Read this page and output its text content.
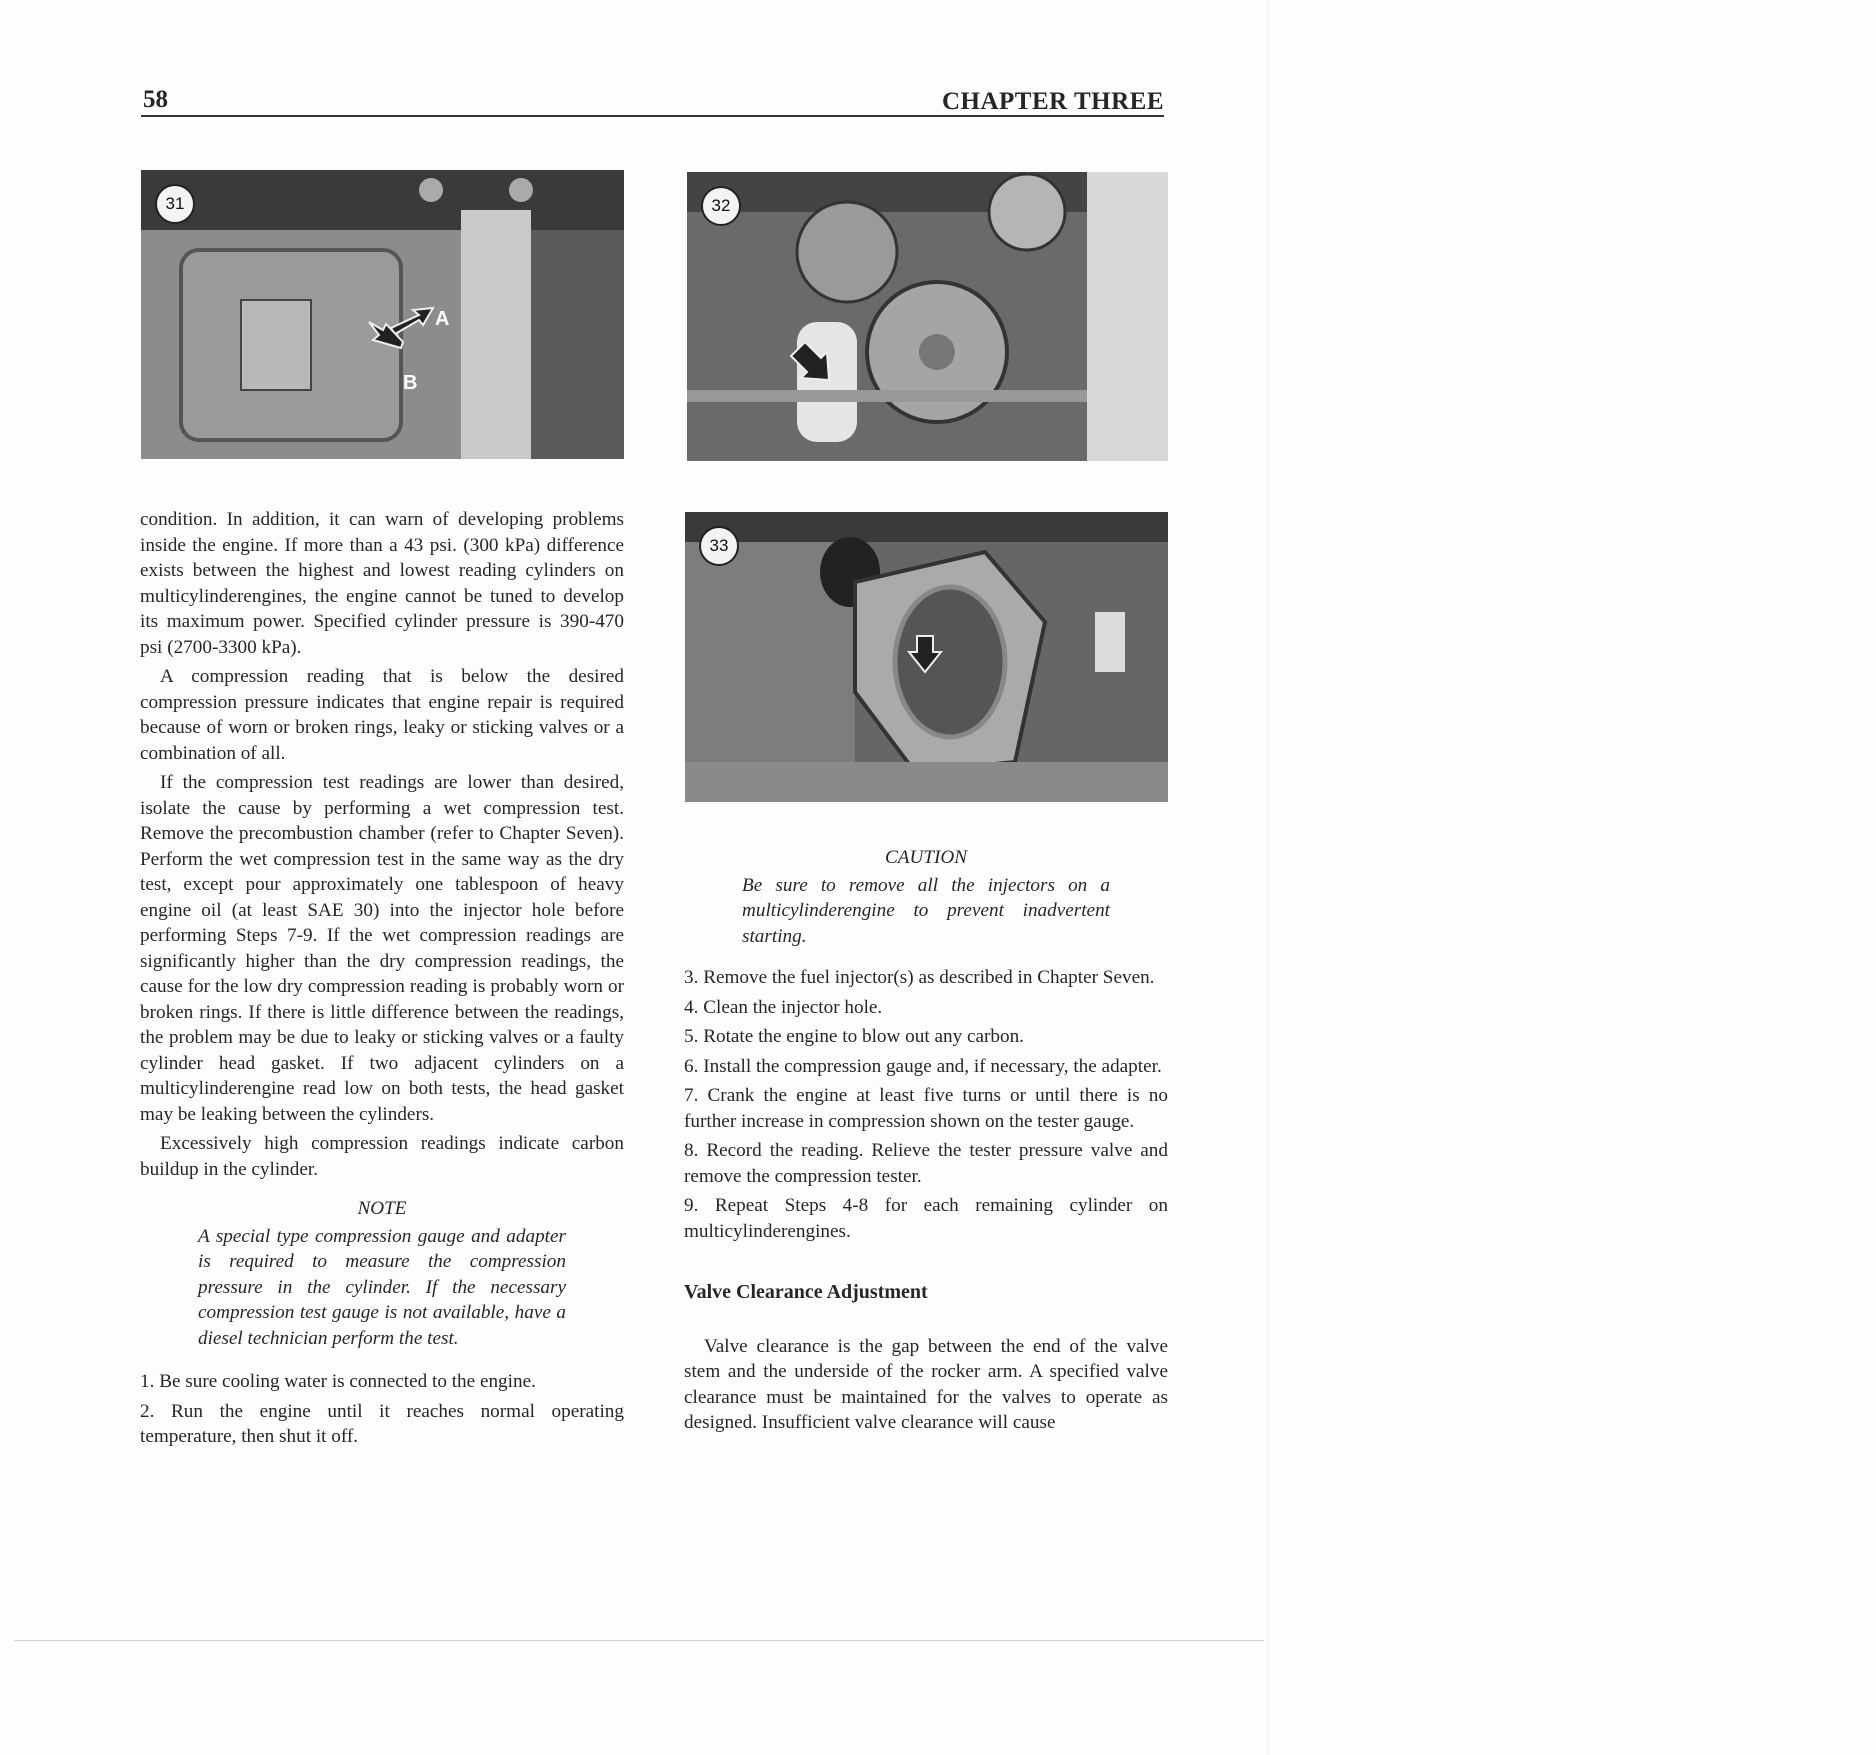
58	CHAPTER THREE
31
A
B
32
33

condition. In addition, it can warn of developing problems inside the engine. If more than a 43 psi. (300 kPa) difference exists between the highest and lowest reading cylinders on multicylinderengines, the engine cannot be tuned to develop its maximum power. Specified cylinder pressure is 390-470 psi (2700-3300 kPa).

A compression reading that is below the desired compression pressure indicates that engine repair is required because of worn or broken rings, leaky or sticking valves or a combination of all.

If the compression test readings are lower than desired, isolate the cause by performing a wet compression test. Remove the precombustion chamber (refer to Chapter Seven). Perform the wet compression test in the same way as the dry test, except pour approximately one tablespoon of heavy engine oil (at least SAE 30) into the injector hole before performing Steps 7-9. If the wet compression readings are significantly higher than the dry compression readings, the cause for the low dry compression reading is probably worn or broken rings. If there is little difference between the readings, the problem may be due to leaky or sticking valves or a faulty cylinder head gasket. If two adjacent cylinders on a multicylinderengine read low on both tests, the head gasket may be leaking between the cylinders.

Excessively high compression readings indicate carbon buildup in the cylinder.

NOTE
A special type compression gauge and adapter is required to measure the compression pressure in the cylinder. If the necessary compression test gauge is not available, have a diesel technician perform the test.

1. Be sure cooling water is connected to the engine.

2. Run the engine until it reaches normal operating temperature, then shut it off.

CAUTION
Be sure to remove all the injectors on a multicylinderengine to prevent inadvertent starting.

3. Remove the fuel injector(s) as described in Chapter Seven.

4. Clean the injector hole.

5. Rotate the engine to blow out any carbon.

6. Install the compression gauge and, if necessary, the adapter.

7. Crank the engine at least five turns or until there is no further increase in compression shown on the tester gauge.

8. Record the reading. Relieve the tester pressure valve and remove the compression tester.

9. Repeat Steps 4-8 for each remaining cylinder on multicylinderengines.

Valve Clearance Adjustment

Valve clearance is the gap between the end of the valve stem and the underside of the rocker arm. A specified valve clearance must be maintained for the valves to operate as designed. Insufficient valve clearance will cause
